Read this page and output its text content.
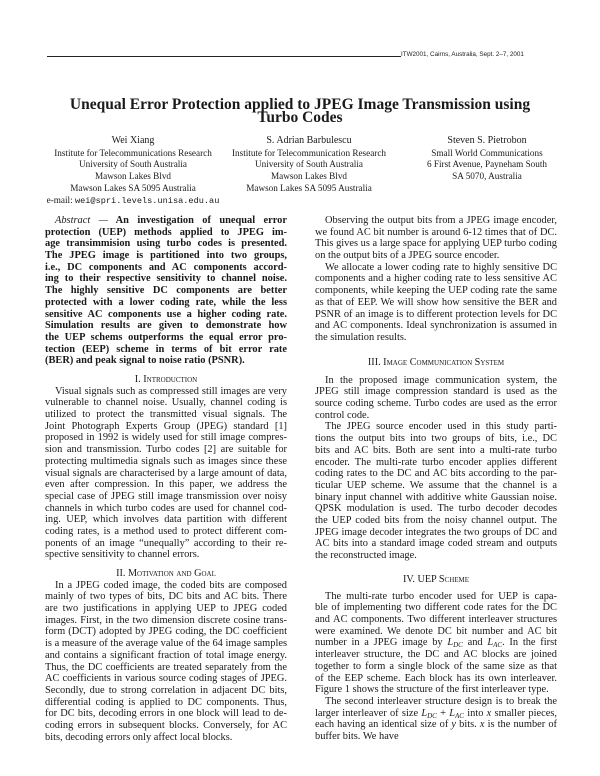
ITW2001, Cairns, Australia, Sept. 2–7, 2001
Unequal Error Protection applied to JPEG Image Transmission using
Turbo Codes
Wei Xiang
Institute for Telecommunications Research
University of South Australia
Mawson Lakes Blvd
Mawson Lakes SA 5095 Australia
e-mail: wei@spri.levels.unisa.edu.au
S. Adrian Barbulescu
Institute for Telecommunication Research
University of South Australia
Mawson Lakes Blvd
Mawson Lakes SA 5095 Australia
Steven S. Pietrobon
Small World Communications
6 First Avenue, Payneham South
SA 5070, Australia
Abstract — An investigation of unequal error
protection (UEP) methods applied to JPEG im-
age transimmision using turbo codes is presented.
The JPEG image is partitioned into two groups,
i.e., DC components and AC components accord-
ing to their respective sensitivity to channel noise.
The highly sensitive DC components are better
protected with a lower coding rate, while the less
sensitive AC components use a higher coding rate.
Simulation results are given to demonstrate how
the UEP schems outperforms the equal error pro-
tection (EEP) scheme in terms of bit error rate
(BER) and peak signal to noise ratio (PSNR).
I. Introduction
Visual signals such as compressed still images are very
vulnerable to channel noise. Usually, channel coding is
utilized to protect the transmitted visual signals. The
Joint Photograph Experts Group (JPEG) standard [1]
proposed in 1992 is widely used for still image compres-
sion and transmission. Turbo codes [2] are suitable for
protecting multimedia signals such as images since these
visual signals are characterised by a large amount of data,
even after compression. In this paper, we address the
special case of JPEG still image transmission over noisy
channels in which turbo codes are used for channel cod-
ing. UEP, which involves data partition with different
coding rates, is a method used to protect different com-
ponents of an image “unequally” according to their re-
spective sensitivity to channel errors.
II. Motivation and Goal
In a JPEG coded image, the coded bits are composed
mainly of two types of bits, DC bits and AC bits. There
are two justifications in applying UEP to JPEG coded
images. First, in the two dimension discrete cosine trans-
form (DCT) adopted by JPEG coding, the DC coefficient
is a measure of the average value of the 64 image samples
and contains a significant fraction of total image energy.
Thus, the DC coefficients are treated separately from the
AC coefficients in various source coding stages of JPEG.
Secondly, due to strong correlation in adjacent DC bits,
differential coding is applied to DC components. Thus,
for DC bits, decoding errors in one block will lead to de-
coding errors in subsequent blocks. Conversely, for AC
bits, decoding errors only affect local blocks.
Observing the output bits from a JPEG image encoder,
we found AC bit number is around 6-12 times that of DC.
This gives us a large space for applying UEP turbo coding
on the output bits of a JPEG source encoder.
We allocate a lower coding rate to highly sensitive DC
components and a higher coding rate to less sensitive AC
components, while keeping the UEP coding rate the same
as that of EEP. We will show how sensitive the BER and
PSNR of an image is to different protection levels for DC
and AC components. Ideal synchronization is assumed in
the simulation results.
III. Image Communication System
In the proposed image communication system, the
JPEG still image compression standard is used as the
source coding scheme. Turbo codes are used as the error
control code.
The JPEG source encoder used in this study parti-
tions the output bits into two groups of bits, i.e., DC
bits and AC bits. Both are sent into a multi-rate turbo
encoder. The multi-rate turbo encoder applies different
coding rates to the DC and AC bits according to the par-
ticular UEP scheme. We assume that the channel is a
binary input channel with additive white Gaussian noise.
QPSK modulation is used. The turbo decoder decodes
the UEP coded bits from the noisy channel output. The
JPEG image decoder integrates the two groups of DC and
AC bits into a standard image coded stream and outputs
the reconstructed image.
IV. UEP Scheme
The multi-rate turbo encoder used for UEP is capa-
ble of implementing two different code rates for the DC
and AC components. Two different interleaver structures
were examined. We denote DC bit number and AC bit
number in a JPEG image by $L_{DC}$ and $L_{AC}$. In the first
interleaver structure, the DC and AC blocks are joined
together to form a single block of the same size as that
of the EEP scheme. Each block has its own interleaver.
Figure 1 shows the structure of the first interleaver type.
The second interleaver structure design is to break the
larger interleaver of size $L_{DC} + L_{AC}$ into x smaller pieces,
each having an identical size of y bits. x is the number of
buffer bits. We have
